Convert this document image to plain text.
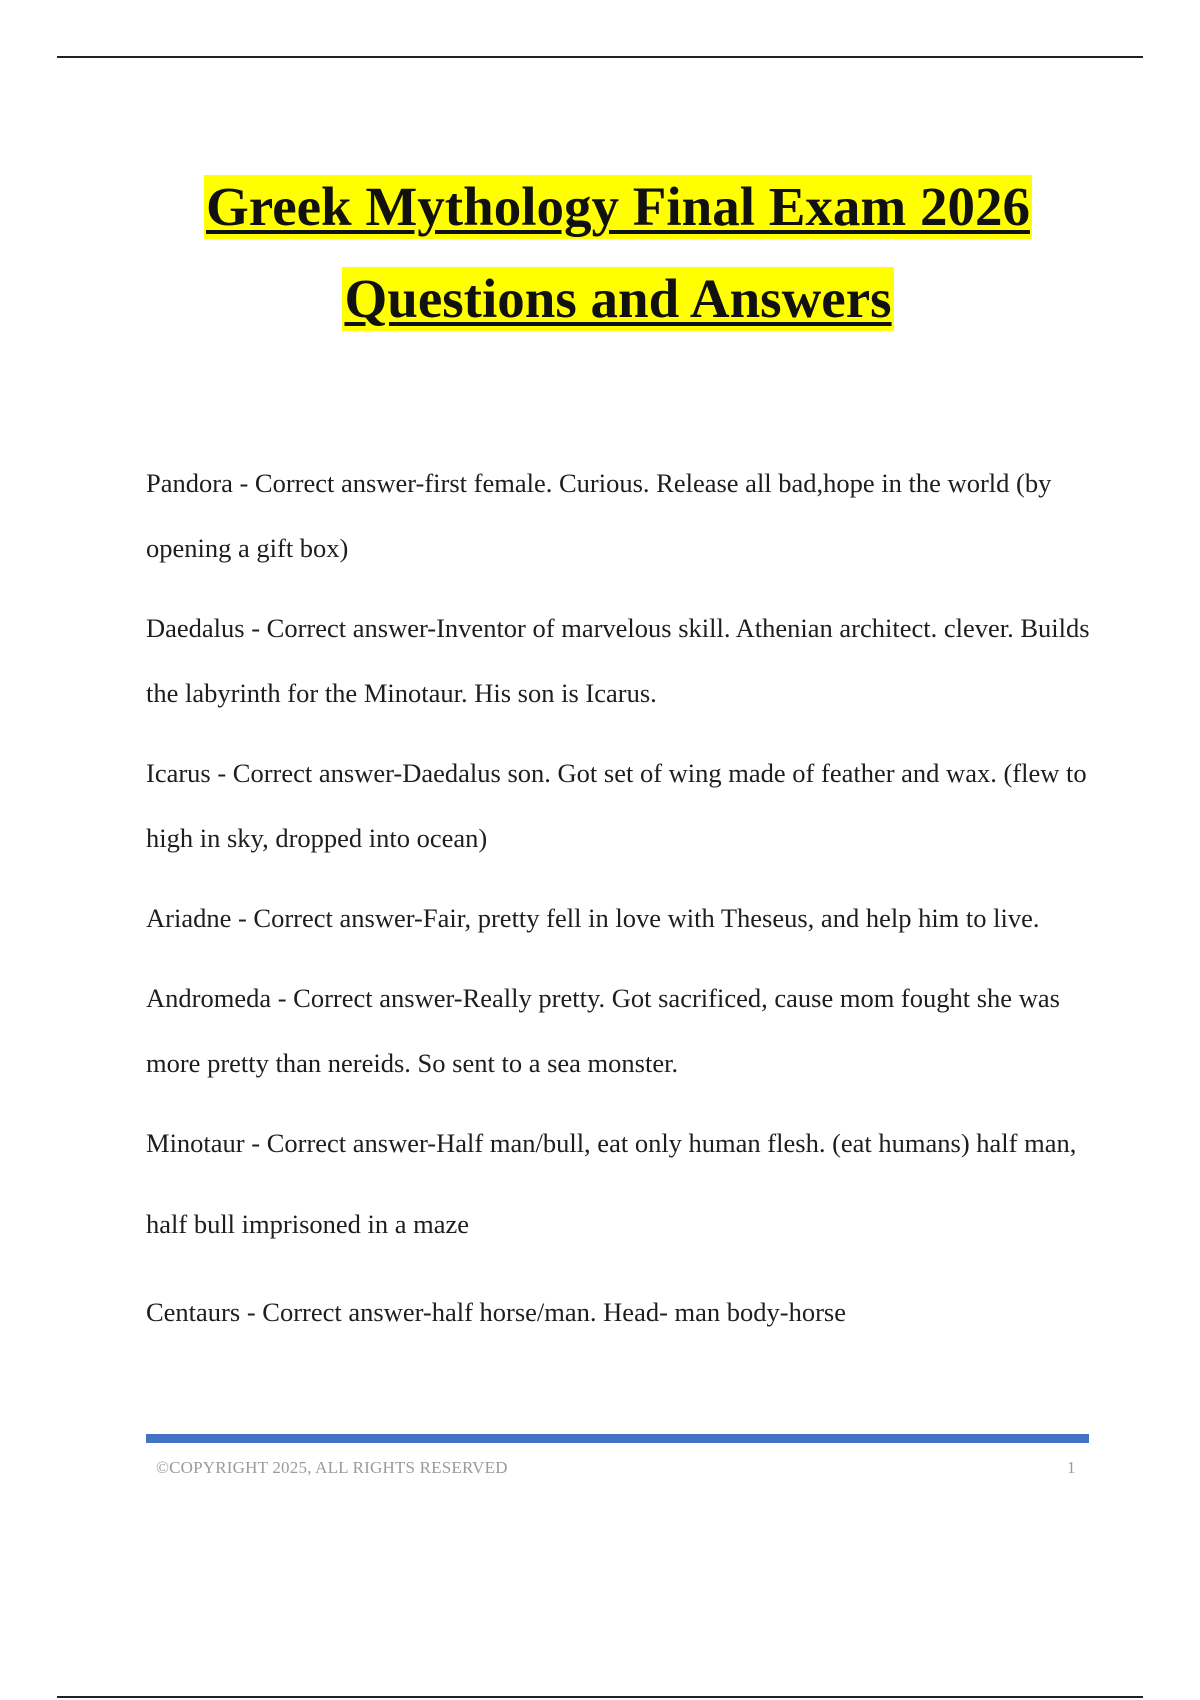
Greek Mythology Final Exam 2026
Questions and Answers

Pandora - Correct answer-first female. Curious. Release all bad,hope in the world (by opening a gift box)

Daedalus - Correct answer-Inventor of marvelous skill. Athenian architect. clever. Builds the labyrinth for the Minotaur. His son is Icarus.

Icarus - Correct answer-Daedalus son. Got set of wing made of feather and wax. (flew to high in sky, dropped into ocean)

Ariadne - Correct answer-Fair, pretty fell in love with Theseus, and help him to live.

Andromeda - Correct answer-Really pretty. Got sacrificed, cause mom fought she was more pretty than nereids. So sent to a sea monster.

Minotaur - Correct answer-Half man/bull, eat only human flesh. (eat humans) half man, half bull imprisoned in a maze

Centaurs - Correct answer-half horse/man. Head- man body-horse

©COPYRIGHT 2025, ALL RIGHTS RESERVED	1
